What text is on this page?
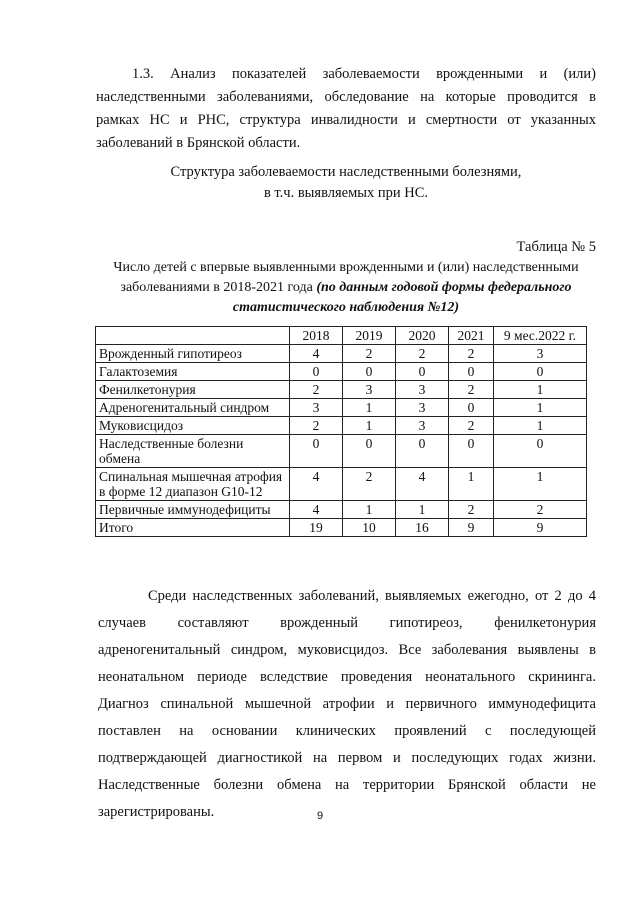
1.3. Анализ показателей заболеваемости врожденными и (или) наследственными заболеваниями, обследование на которые проводится в рамках НС и РНС, структура инвалидности и смертности от указанных заболеваний в Брянской области.

Структура заболеваемости наследственными болезнями,
в т.ч. выявляемых при НС.

Таблица № 5

Число детей с впервые выявленными врожденными и (или) наследственными заболеваниями в 2018-2021 года (по данным годовой формы федерального статистического наблюдения №12)

	2018	2019	2020	2021	9 мес.2022 г.
Врожденный гипотиреоз	4	2	2	2	3
Галактоземия	0	0	0	0	0
Фенилкетонурия	2	3	3	2	1
Адреногенитальный синдром	3	1	3	0	1
Муковисцидоз	2	1	3	2	1
Наследственные болезни обмена	0	0	0	0	0
Спинальная мышечная атрофия в форме 12 диапазон G10-12	4	2	4	1	1
Первичные иммунодефициты	4	1	1	2	2
Итого	19	10	16	9	9

Среди наследственных заболеваний, выявляемых ежегодно, от 2 до 4 случаев составляют врожденный гипотиреоз, фенилкетонурия адреногенитальный синдром, муковисцидоз. Все заболевания выявлены в неонатальном периоде вследствие проведения неонатального скрининга. Диагноз спинальной мышечной атрофии и первичного иммунодефицита поставлен на основании клинических проявлений с последующей подтверждающей диагностикой на первом и последующих годах жизни. Наследственные болезни обмена на территории Брянской области не зарегистрированы.	9
